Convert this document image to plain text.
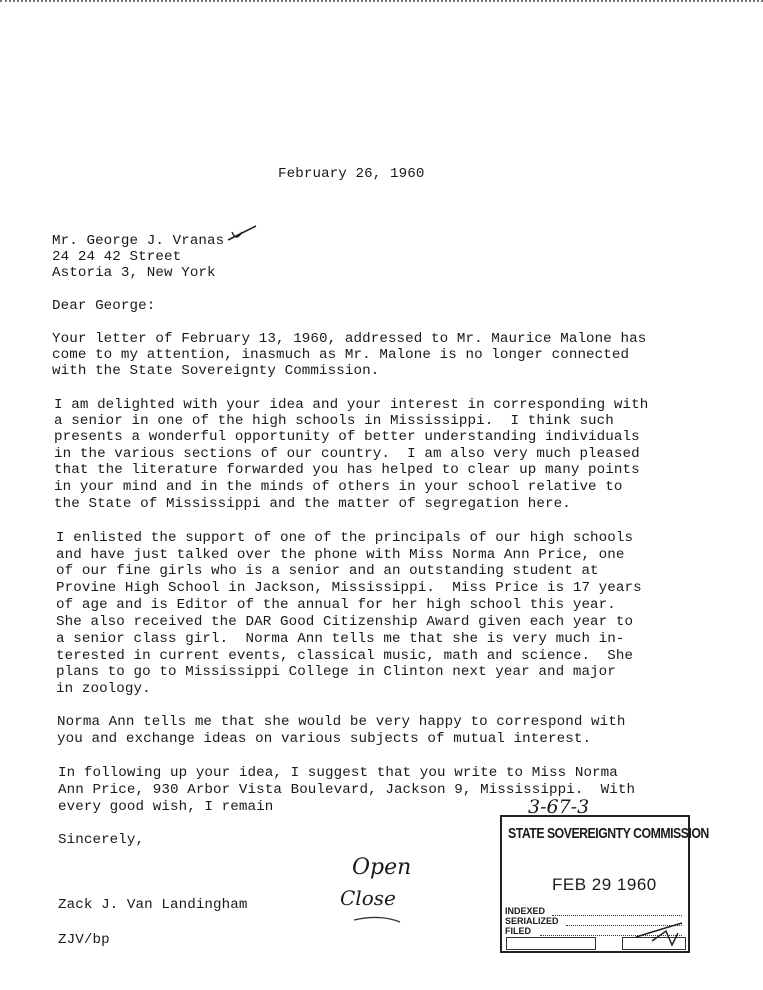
February 26, 1960
Mr. George J. Vranas
24 24 42 Street
Astoria 3, New York
Dear George:
Your letter of February 13, 1960, addressed to Mr. Maurice Malone has
come to my attention, inasmuch as Mr. Malone is no longer connected
with the State Sovereignty Commission.
I am delighted with your idea and your interest in corresponding with
a senior in one of the high schools in Mississippi.  I think such
presents a wonderful opportunity of better understanding individuals
in the various sections of our country.  I am also very much pleased
that the literature forwarded you has helped to clear up many points
in your mind and in the minds of others in your school relative to
the State of Mississippi and the matter of segregation here.
I enlisted the support of one of the principals of our high schools
and have just talked over the phone with Miss Norma Ann Price, one
of our fine girls who is a senior and an outstanding student at
Provine High School in Jackson, Mississippi.  Miss Price is 17 years
of age and is Editor of the annual for her high school this year.
She also received the DAR Good Citizenship Award given each year to
a senior class girl.  Norma Ann tells me that she is very much in-
terested in current events, classical music, math and science.  She
plans to go to Mississippi College in Clinton next year and major
in zoology.
Norma Ann tells me that she would be very happy to correspond with
you and exchange ideas on various subjects of mutual interest.
In following up your idea, I suggest that you write to Miss Norma
Ann Price, 930 Arbor Vista Boulevard, Jackson 9, Mississippi.  With
every good wish, I remain
Sincerely,
Zack J. Van Landingham
ZJV/bp
3-67-3
Open
Close
STATE SOVEREIGNTY COMMISSION
FEB 29 1960
INDEXED
SERIALIZED
FILED
